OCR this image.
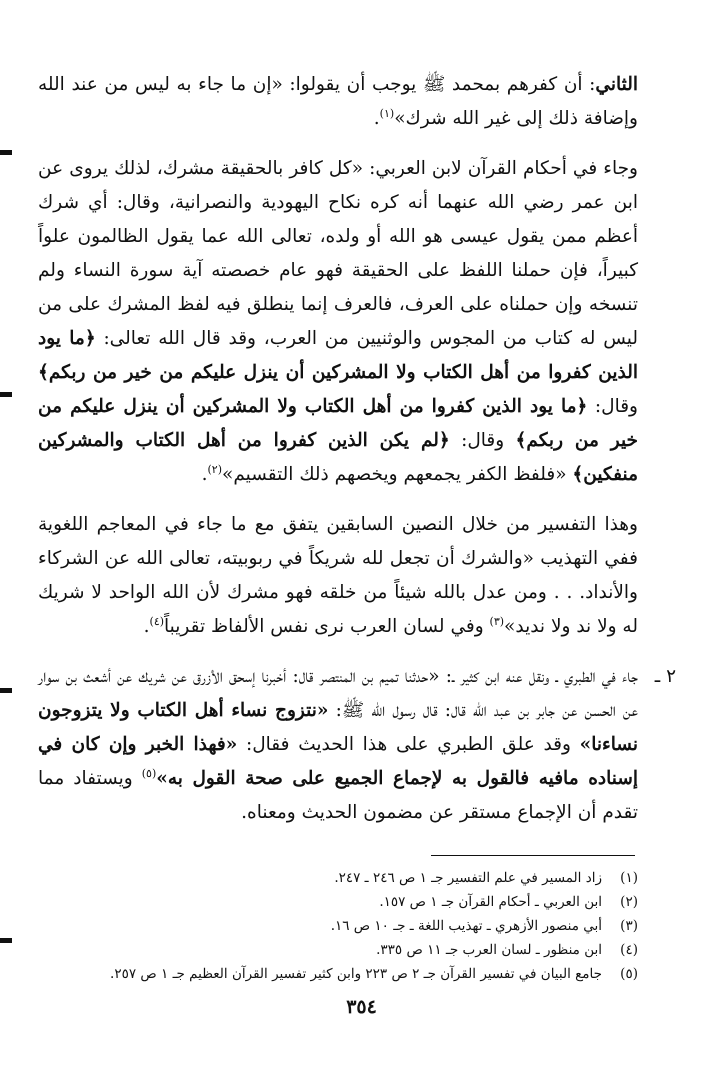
الثاني: أن كفرهم بمحمد ﷺ يوجب أن يقولوا: «إن ما جاء به ليس من عند الله وإضافة ذلك إلى غير الله شرك»$^{(١)}$.

وجاء في أحكام القرآن لابن العربي: «كل كافر بالحقيقة مشرك، لذلك يروى عن ابن عمر رضي الله عنهما أنه كره نكاح اليهودية والنصرانية، وقال: أي شرك أعظم ممن يقول عيسى هو الله أو ولده، تعالى الله عما يقول الظالمون علواً كبيراً، فإن حملنا اللفظ على الحقيقة فهو عام خصصته آية سورة النساء ولم تنسخه وإن حملناه على العرف، فالعرف إنما ينطلق فيه لفظ المشرك على من ليس له كتاب من المجوس والوثنيين من العرب، وقد قال الله تعالى: ﴿ما يود الذين كفروا من أهل الكتاب ولا المشركين أن ينزل عليكم من خير من ربكم﴾ وقال: ﴿ما يود الذين كفروا من أهل الكتاب ولا المشركين أن ينزل عليكم من خير من ربكم﴾ وقال: ﴿لم يكن الذين كفروا من أهل الكتاب والمشركين منفكين﴾ «فلفظ الكفر يجمعهم ويخصهم ذلك التقسيم»$^{(٢)}$.

وهذا التفسير من خلال النصين السابقين يتفق مع ما جاء في المعاجم اللغوية ففي التهذيب «والشرك أن تجعل لله شريكاً في ربوبيته، تعالى الله عن الشركاء والأنداد. . . ومن عدل بالله شيئاً من خلقه فهو مشرك لأن الله الواحد لا شريك له ولا ند ولا نديد»$^{(٣)}$ وفي لسان العرب نرى نفس الألفاظ تقريباً$^{(٤)}$.

٢ ـ

جاء في الطبري ـ ونقل عنه ابن كثير ـ: «حدثنا تميم بن المنتصر قال: أخبرنا إسحق الأزرق عن شريك عن أشعث بن سوار عن الحسن عن جابر بن عبد الله قال: قال رسول الله ﷺ: «نتزوج نساء أهل الكتاب ولا يتزوجون نساءنا» وقد علق الطبري على هذا الحديث فقال: «فهذا الخبر وإن كان في إسناده مافيه فالقول به لإجماع الجميع على صحة القول به»$^{(٥)}$ ويستفاد مما تقدم أن الإجماع مستقر عن مضمون الحديث ومعناه.

(١)
زاد المسير في علم التفسير جـ ١ ص ٢٤٦ ـ ٢٤٧.
(٢)
ابن العربي ـ أحكام القرآن جـ ١ ص ١٥٧.
(٣)
أبي منصور الأزهري ـ تهذيب اللغة ـ جـ ١٠ ص ١٦.
(٤)
ابن منظور ـ لسان العرب جـ ١١ ص ٣٣٥.
(٥)
جامع البيان في تفسير القرآن جـ ٢ ص ٢٢٣ وابن كثير تفسير القرآن العظيم جـ ١ ص ٢٥٧.
٣٥٤
